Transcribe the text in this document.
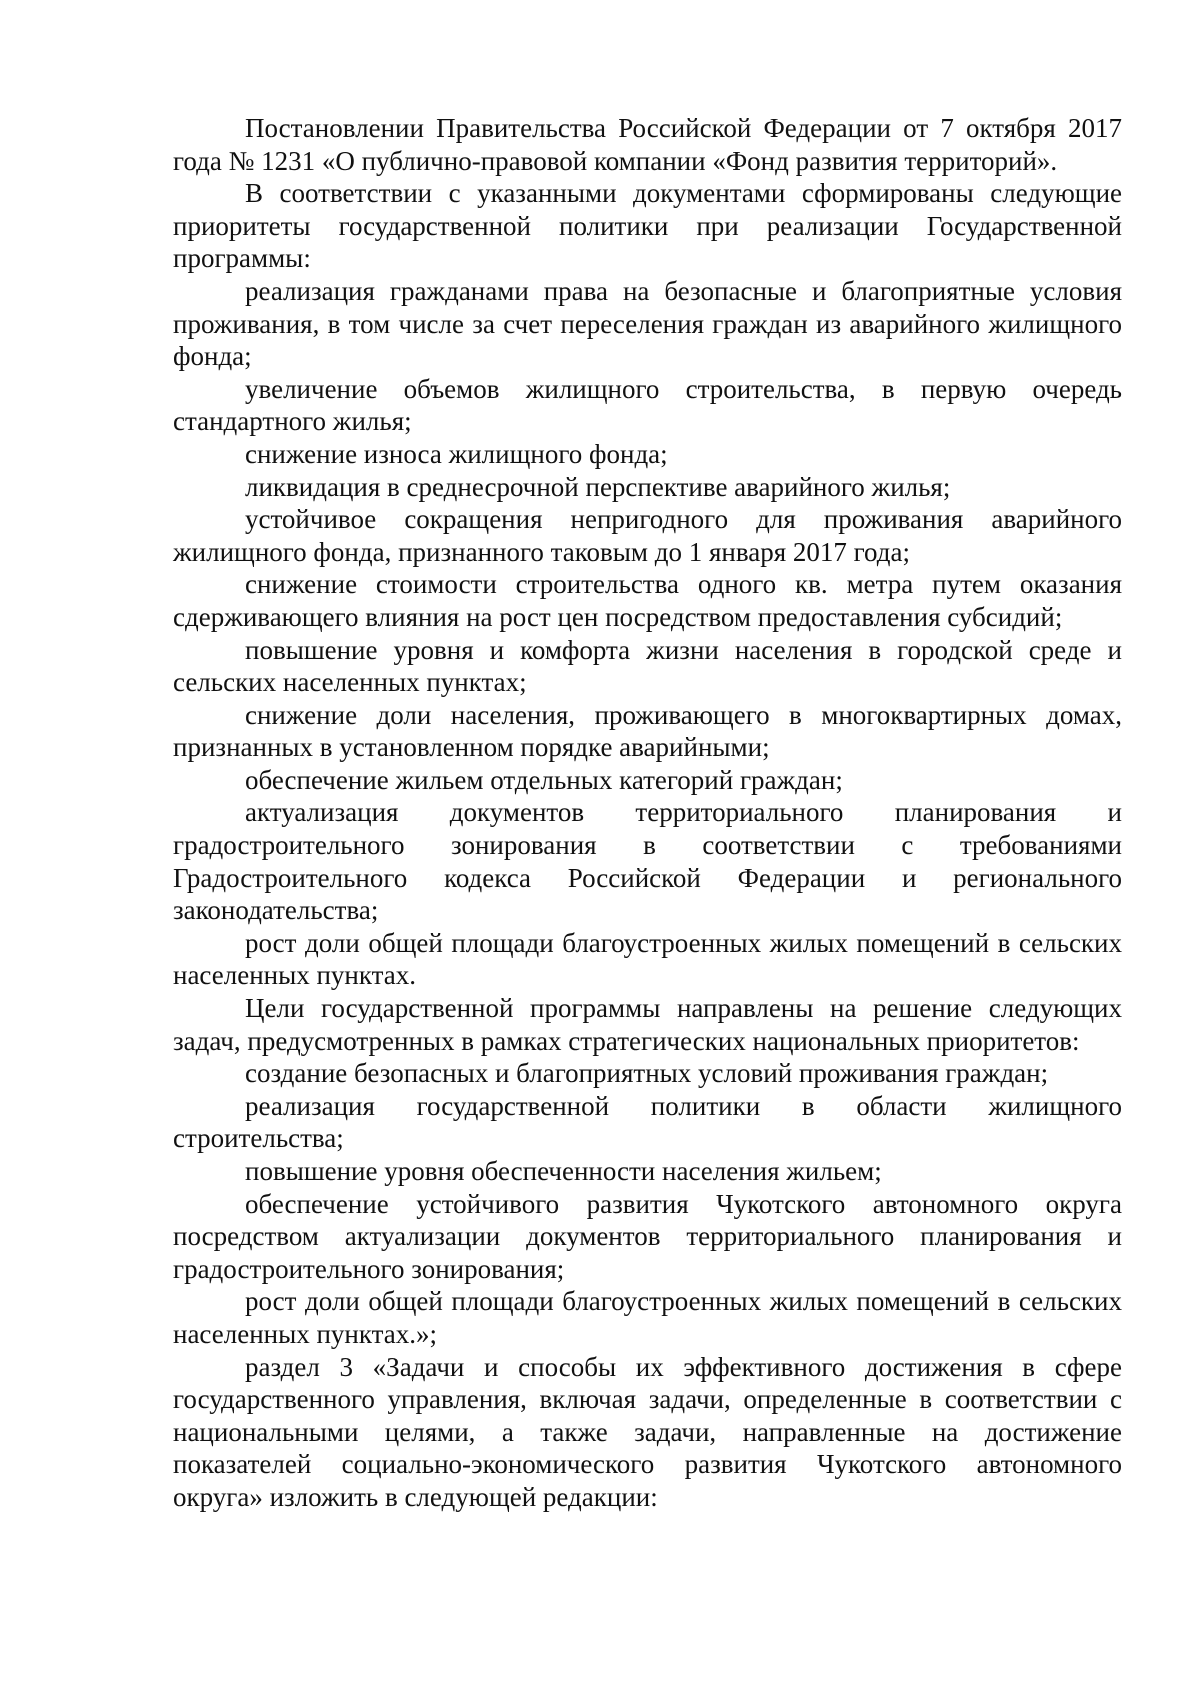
Постановлении Правительства Российской Федерации от 7 октября 2017 года № 1231 «О публично-правовой компании «Фонд развития территорий».

В соответствии с указанными документами сформированы следующие приоритеты государственной политики при реализации Государственной программы:

реализация гражданами права на безопасные и благоприятные условия проживания, в том числе за счет переселения граждан из аварийного жилищного фонда;

увеличение объемов жилищного строительства, в первую очередь стандартного жилья;

снижение износа жилищного фонда;

ликвидация в среднесрочной перспективе аварийного жилья;

устойчивое сокращения непригодного для проживания аварийного жилищного фонда, признанного таковым до 1 января 2017 года;

снижение стоимости строительства одного кв. метра путем оказания сдерживающего влияния на рост цен посредством предоставления субсидий;

повышение уровня и комфорта жизни населения в городской среде и сельских населенных пунктах;

снижение доли населения, проживающего в многоквартирных домах, признанных в установленном порядке аварийными;

обеспечение жильем отдельных категорий граждан;

актуализация документов территориального планирования и градостроительного зонирования в соответствии с требованиями Градостроительного кодекса Российской Федерации и регионального законодательства;

рост доли общей площади благоустроенных жилых помещений в сельских населенных пунктах.

Цели государственной программы направлены на решение следующих задач, предусмотренных в рамках стратегических национальных приоритетов:

создание безопасных и благоприятных условий проживания граждан;

реализация государственной политики в области жилищного строительства;

повышение уровня обеспеченности населения жильем;

обеспечение устойчивого развития Чукотского автономного округа посредством актуализации документов территориального планирования и градостроительного зонирования;

рост доли общей площади благоустроенных жилых помещений в сельских населенных пунктах.»;

раздел 3 «Задачи и способы их эффективного достижения в сфере государственного управления, включая задачи, определенные в соответствии с национальными целями, а также задачи, направленные на достижение показателей социально-экономического развития Чукотского автономного округа» изложить в следующей редакции:
